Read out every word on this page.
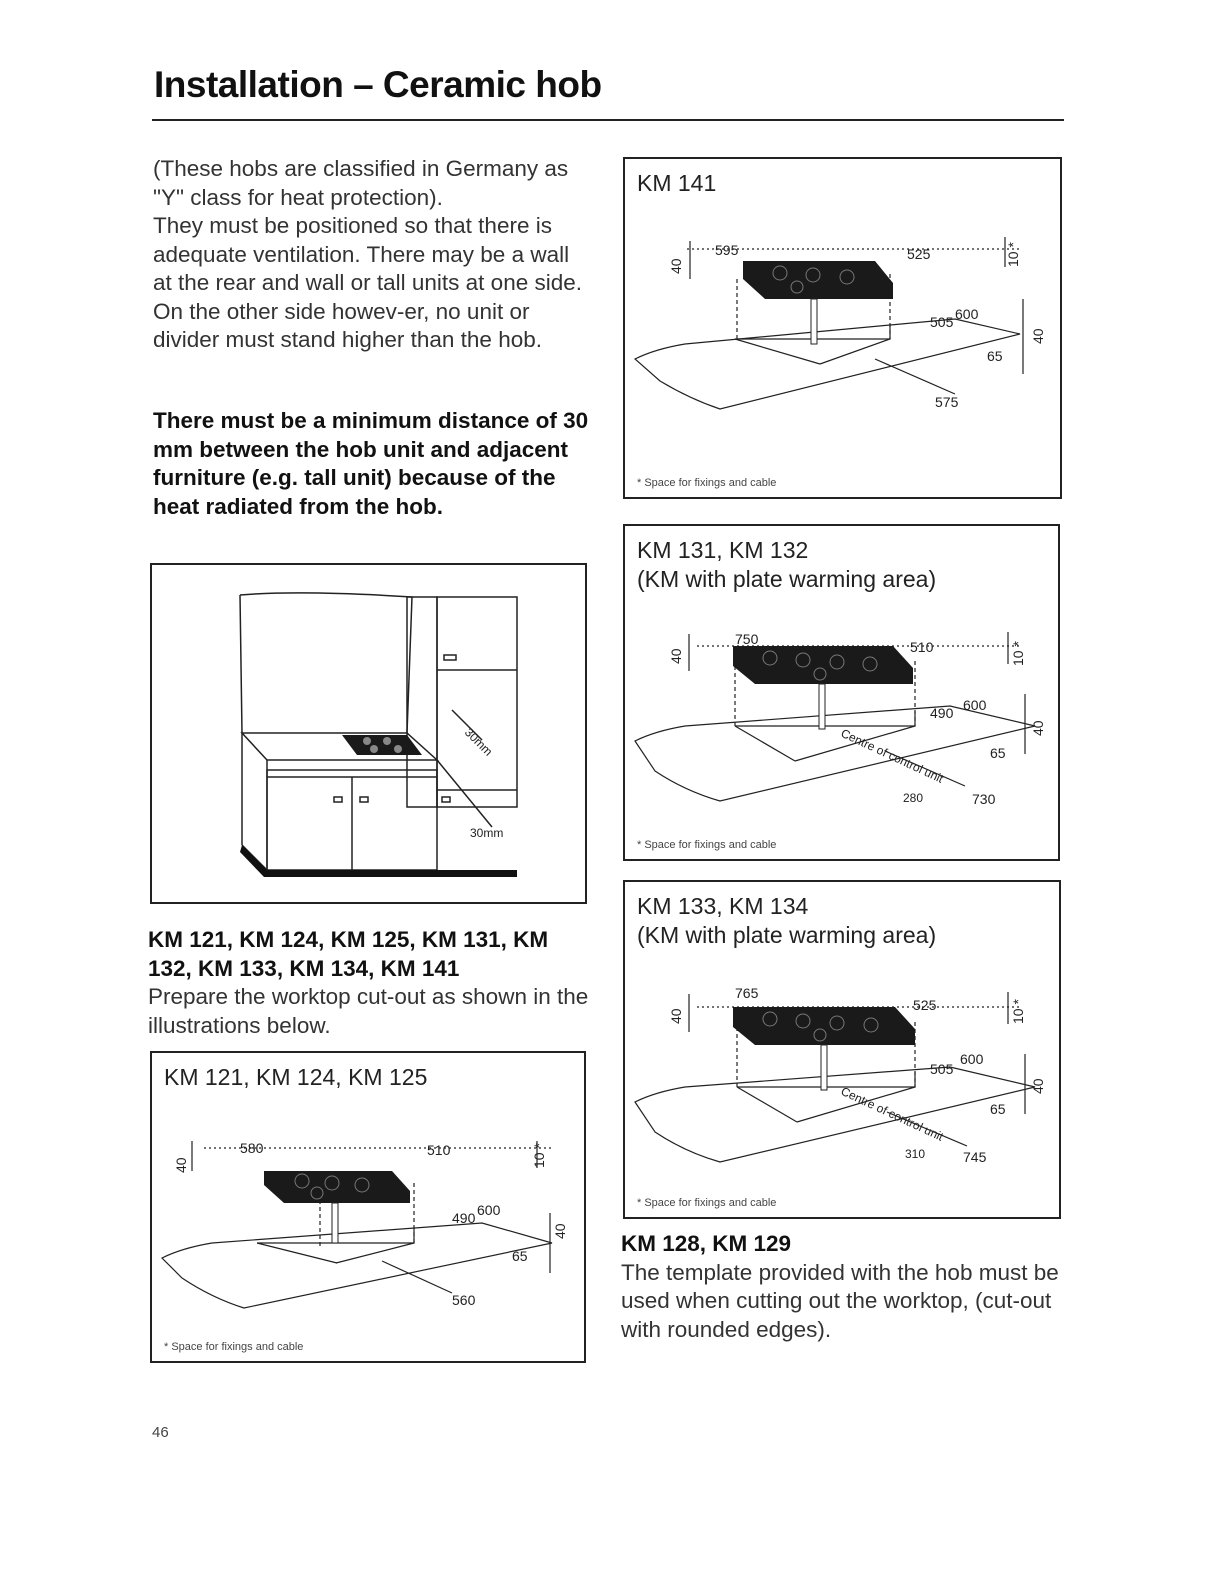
Installation – Ceramic hob

(These hobs are classified in Germany as "Y" class for heat protection).

They must be positioned so that there is adequate ventilation. There may be a wall at the rear and wall or tall units at one side. On the other side howev-er, no unit or divider must stand higher than the hob.

There must be a minimum distance of 30 mm between the hob unit and adjacent furniture (e.g. tall unit) because of the heat radiated from the hob.
30mm
30mm
KM 121, KM 124, KM 125, KM 131, KM 132, KM 133, KM 134, KM 141
Prepare the worktop cut-out as shown in the illustrations below.
KM 121, KM 124, KM 125
580	510
600
490
65
560
40
40
10 *
* Space for fixings and cable
KM 141
595	525
600
505
65
575
40
40
10 *
* Space for fixings and cable
KM 131, KM 132
(KM with plate warming area)
750	510
600
490
65
730
280
Centre of control unit
40
40
10 *
* Space for fixings and cable
KM 133, KM 134
(KM with plate warming area)
765
525
600
505
65
745
310
Centre of control unit
40
40
10 *
* Space for fixings and cable
KM 128, KM 129
The template provided with the hob must be used when cutting out the worktop, (cut-out with rounded edges).
46
